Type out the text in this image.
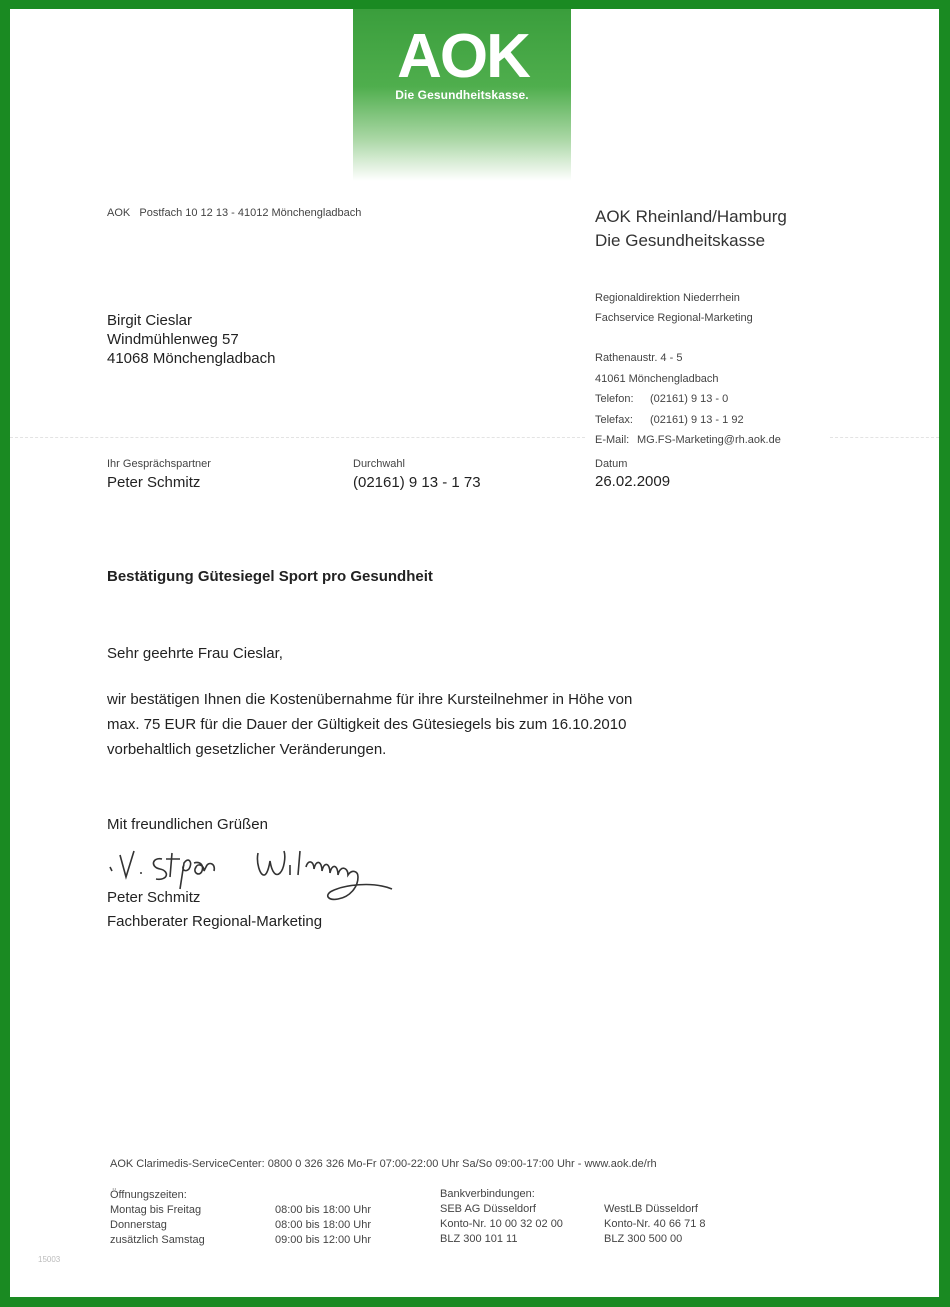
AOK
Die Gesundheitskasse.
AOK Postfach 10 12 13 - 41012 Mönchengladbach	AOK Rheinland/Hamburg
Die Gesundheitskasse
Regionaldirektion Niederrhein
Fachservice Regional-Marketing
Rathenaustr. 4 - 5
41061 Mönchengladbach
Telefon: (02161) 9 13 - 0
Telefax: (02161) 9 13 - 1 92
E-Mail: MG.FS-Marketing@rh.aok.de
Birgit Cieslar
Windmühlenweg 57
41068 Mönchengladbach
Ihr Gesprächspartner
Peter Schmitz
Durchwahl
(02161) 9 13 - 1 73
Datum
26.02.2009
Bestätigung Gütesiegel Sport pro Gesundheit
Sehr geehrte Frau Cieslar,
wir bestätigen Ihnen die Kostenübernahme für ihre Kursteilnehmer in Höhe von
max. 75 EUR für die Dauer der Gültigkeit des Gütesiegels bis zum 16.10.2010
vorbehaltlich gesetzlicher Veränderungen.
Mit freundlichen Grüßen
i. V. Stefan Willems
Peter Schmitz
Fachberater Regional-Marketing
AOK Clarimedis-ServiceCenter: 0800 0 326 326 Mo-Fr 07:00-22:00 Uhr Sa/So 09:00-17:00 Uhr - www.aok.de/rh
Öffnungszeiten:
Montag bis Freitag
Donnerstag
zusätzlich Samstag
08:00 bis 18:00 Uhr
08:00 bis 18:00 Uhr
09:00 bis 12:00 Uhr
Bankverbindungen:
SEB AG Düsseldorf
Konto-Nr. 10 00 32 02 00
BLZ 300 101 11
WestLB Düsseldorf
Konto-Nr. 40 66 71 8
BLZ 300 500 00
15003
